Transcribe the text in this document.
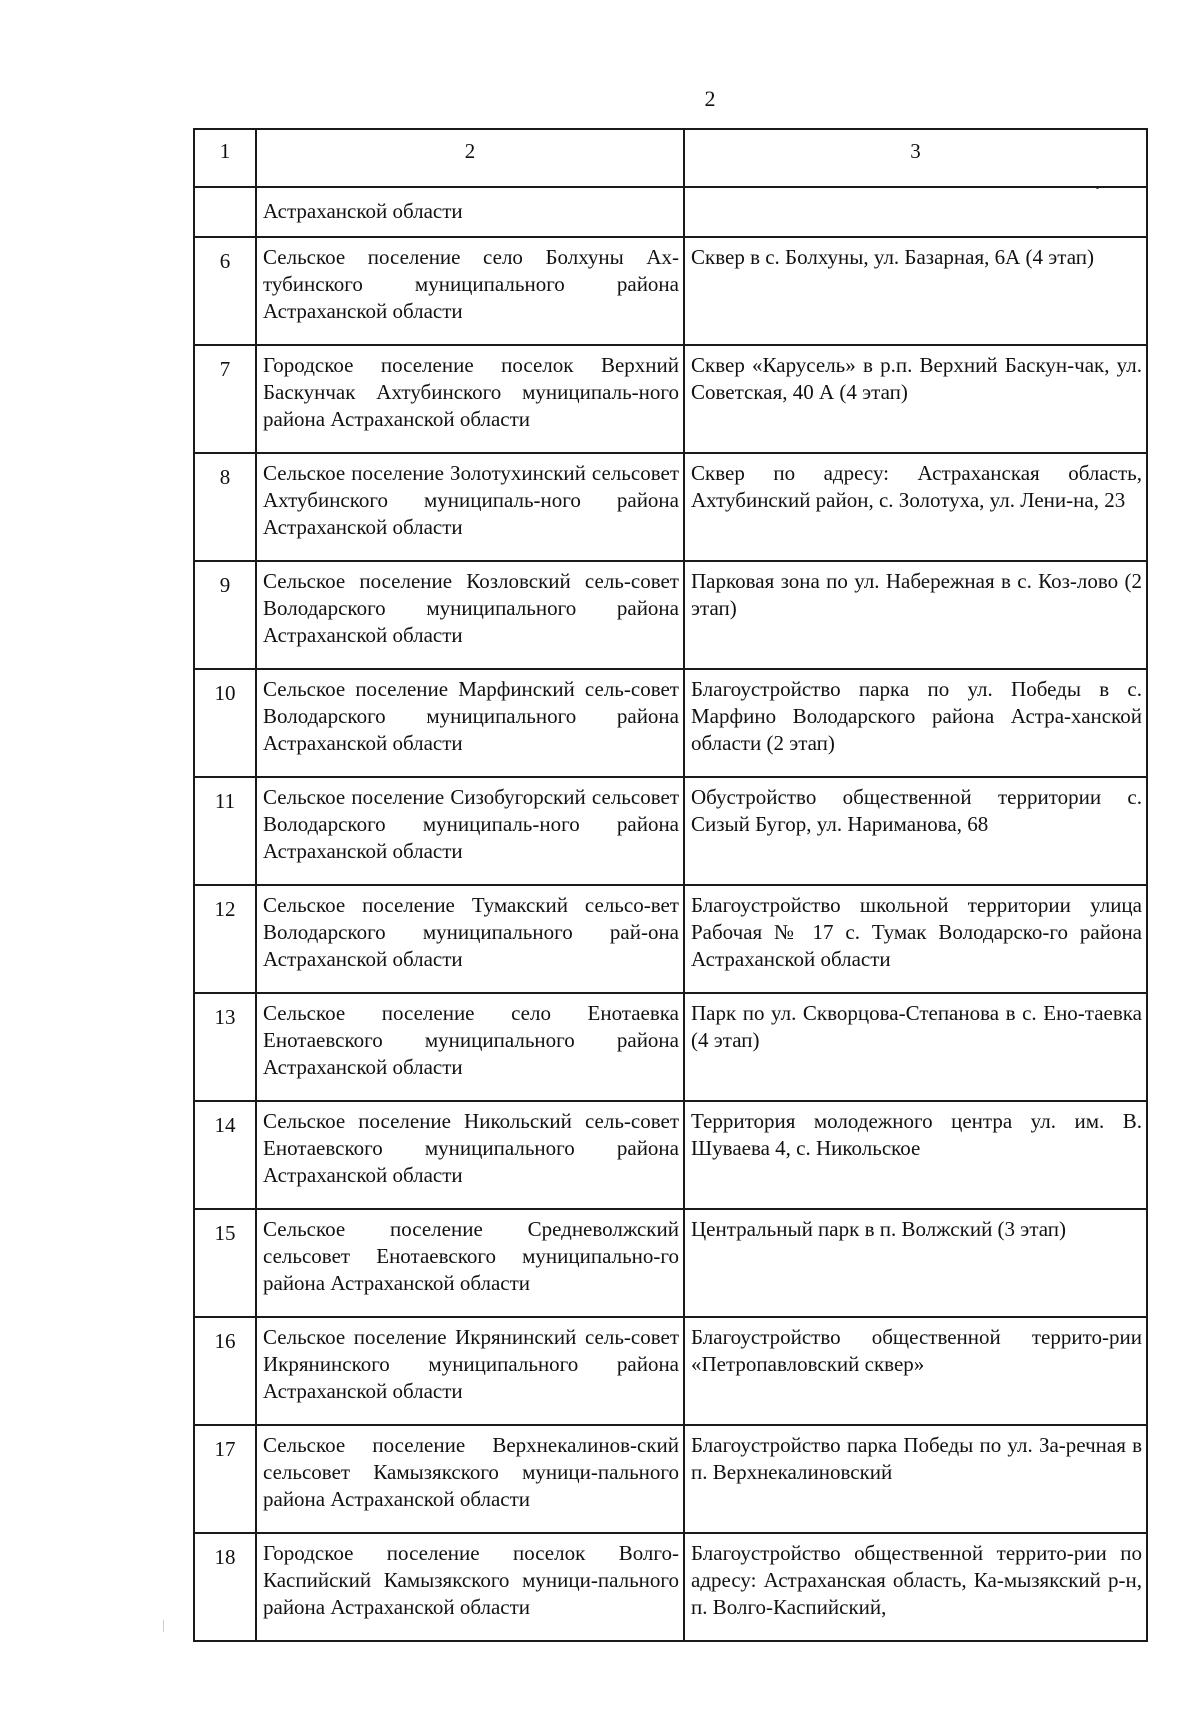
2
1	2	3
	Астраханской области	
6	Сельское поселение село Болхуны Ах-тубинского муниципального района Астраханской области	Сквер в с. Болхуны, ул. Базарная, 6А (4 этап)
7	Городское поселение поселок Верхний Баскунчак Ахтубинского муниципаль-ного района Астраханской области	Сквер «Карусель» в р.п. Верхний Баскун-чак, ул. Советская, 40 А (4 этап)
8	Сельское поселение Золотухинский сельсовет Ахтубинского муниципаль-ного района Астраханской области	Сквер по адресу: Астраханская область, Ахтубинский район, с. Золотуха, ул. Лени-на, 23
9	Сельское поселение Козловский сель-совет Володарского муниципального района Астраханской области	Парковая зона по ул. Набережная в с. Коз-лово (2 этап)
10	Сельское поселение Марфинский сель-совет Володарского муниципального района Астраханской области	Благоустройство парка по ул. Победы в с. Марфино Володарского района Астра-ханской области (2 этап)
11	Сельское поселение Сизобугорский сельсовет Володарского муниципаль-ного района Астраханской области	Обустройство общественной территории с. Сизый Бугор, ул. Нариманова, 68
12	Сельское поселение Тумакский сельсо-вет Володарского муниципального рай-она Астраханской области	Благоустройство школьной территории улица Рабочая № 17 с. Тумак Володарско-го района Астраханской области
13	Сельское поселение село Енотаевка Енотаевского муниципального района Астраханской области	Парк по ул. Скворцова-Степанова в с. Ено-таевка (4 этап)
14	Сельское поселение Никольский сель-совет Енотаевского муниципального района Астраханской области	Территория молодежного центра ул. им. В. Шуваева 4, с. Никольское
15	Сельское поселение Средневолжский сельсовет Енотаевского муниципально-го района Астраханской области	Центральный парк в п. Волжский (3 этап)
16	Сельское поселение Икрянинский сель-совет Икрянинского муниципального района Астраханской области	Благоустройство общественной террито-рии «Петропавловский сквер»
17	Сельское поселение Верхнекалинов-ский сельсовет Камызякского муници-пального района Астраханской области	Благоустройство парка Победы по ул. За-речная в п. Верхнекалиновский
18	Городское поселение поселок Волго-Каспийский Камызякского муници-пального района Астраханской области	Благоустройство общественной террито-рии по адресу: Астраханская область, Ка-мызякский р-н, п. Волго-Каспийский,
